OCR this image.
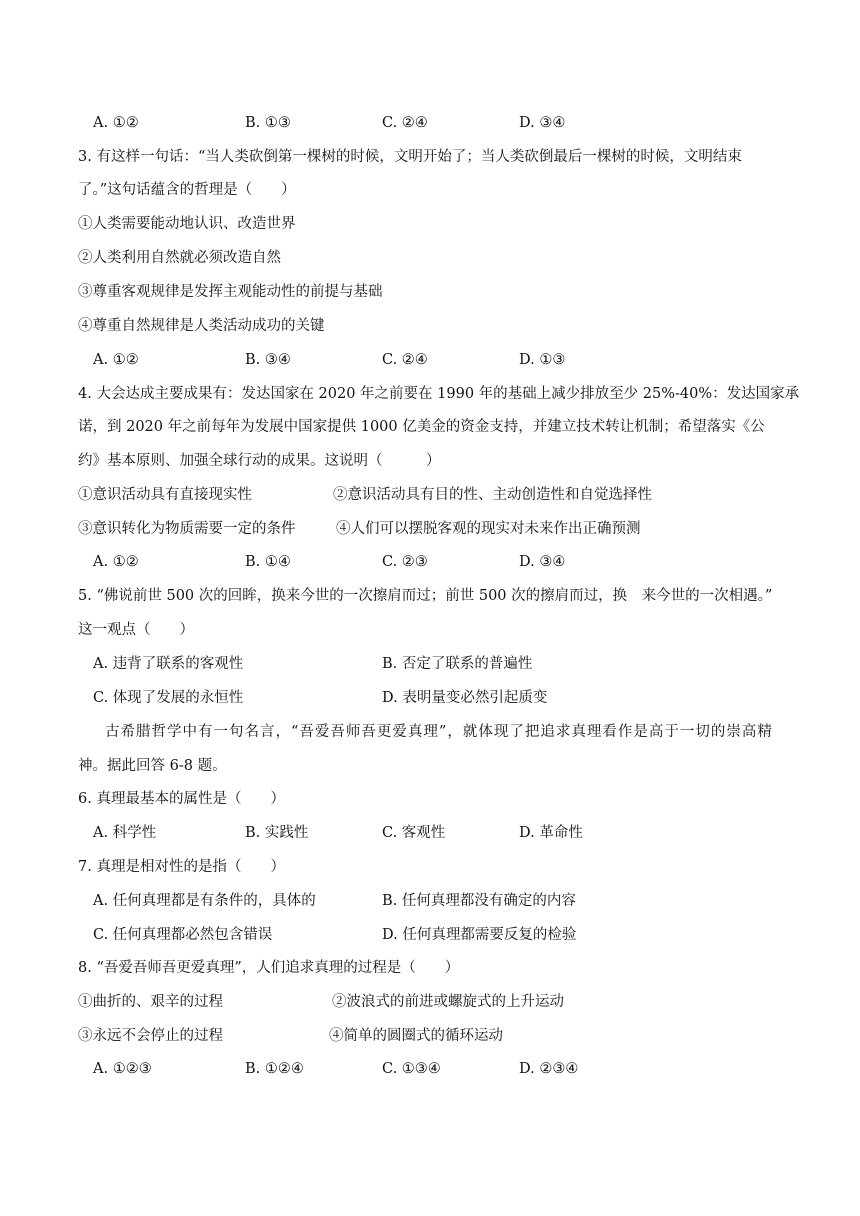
A. ①②	B. ①③	C. ②④	D. ③④
3. 有这样一句话：“当人类砍倒第一棵树的时候，文明开始了；当人类砍倒最后一棵树的时候，文明结束
了。”这句话蕴含的哲理是（　　）
①人类需要能动地认识、改造世界
②人类利用自然就必须改造自然
③尊重客观规律是发挥主观能动性的前提与基础
④尊重自然规律是人类活动成功的关键
A. ①②	B. ③④	C. ②④	D. ①③
4. 大会达成主要成果有：发达国家在 2020 年之前要在 1990 年的基础上减少排放至少 25%-40%：发达国家承
诺，到 2020 年之前每年为发展中国家提供 1000 亿美金的资金支持，并建立技术转让机制；希望落实《公
约》基本原则、加强全球行动的成果。这说明（　　　）
①意识活动具有直接现实性	②意识活动具有目的性、主动创造性和自觉选择性
③意识转化为物质需要一定的条件	④人们可以摆脱客观的现实对未来作出正确预测
A. ①②	B. ①④	C. ②③	D. ③④
5. “佛说前世 500 次的回眸，换来今世的一次擦肩而过；前世 500 次的擦肩而过，换　来今世的一次相遇。”
这一观点（　　）
A. 违背了联系的客观性	B. 否定了联系的普遍性
C. 体现了发展的永恒性	D. 表明量变必然引起质变
古希腊哲学中有一句名言，“吾爱吾师吾更爱真理”，就体现了把追求真理看作是高于一切的崇高精
神。据此回答 6-8 题。
6. 真理最基本的属性是（　　）
A. 科学性	B. 实践性	C. 客观性	D. 革命性
7. 真理是相对性的是指（　　）
A. 任何真理都是有条件的，具体的	B. 任何真理都没有确定的内容
C. 任何真理都必然包含错误	D. 任何真理都需要反复的检验
8. “吾爱吾师吾更爱真理”，人们追求真理的过程是（　　）
①曲折的、艰辛的过程	②波浪式的前进或螺旋式的上升运动
③永远不会停止的过程	④简单的圆圈式的循环运动
A. ①②③	B. ①②④	C. ①③④	D. ②③④
